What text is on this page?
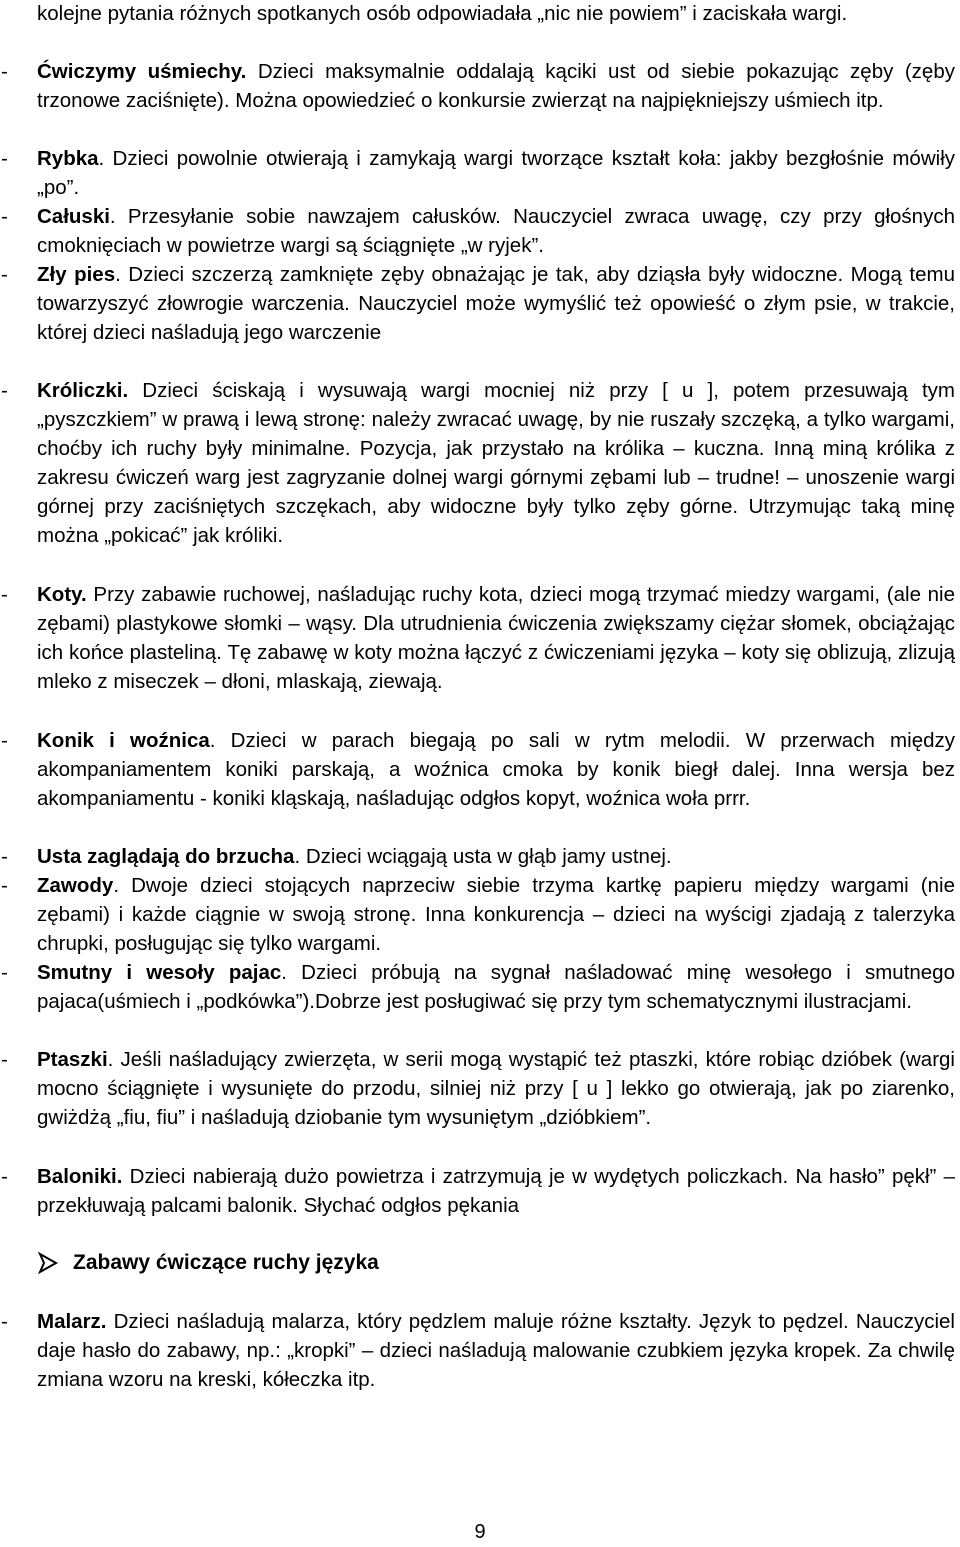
kolejne pytania różnych spotkanych osób odpowiadała „nic nie powiem” i zaciskała wargi.
- Ćwiczymy uśmiechy. Dzieci maksymalnie oddalają kąciki ust od siebie pokazując zęby (zęby trzonowe zaciśnięte). Można opowiedzieć o konkursie zwierząt na najpiękniejszy uśmiech itp.
- Rybka. Dzieci powolnie otwierają i zamykają wargi tworzące kształt koła: jakby bezgłośnie mówiły „po”.
- Całuski. Przesyłanie sobie nawzajem całusków. Nauczyciel zwraca uwagę, czy przy głośnych cmoknięciach w powietrze wargi są ściągnięte „w ryjek”.
- Zły pies. Dzieci szczerzą zamknięte zęby obnażając je tak, aby dziąsła były widoczne. Mogą temu towarzyszyć złowrogie warczenia. Nauczyciel może wymyślić też opowieść o złym psie, w trakcie, której dzieci naśladują jego warczenie
- Króliczki. Dzieci ściskają i wysuwają wargi mocniej niż przy [ u ], potem przesuwają tym „pyszczkiem” w prawą i lewą stronę: należy zwracać uwagę, by nie ruszały szczęką, a tylko wargami, choćby ich ruchy były minimalne. Pozycja, jak przystało na królika – kuczna. Inną miną królika z zakresu ćwiczeń warg jest zagryzanie dolnej wargi górnymi zębami lub – trudne! – unoszenie wargi górnej przy zaciśniętych szczękach, aby widoczne były tylko zęby górne. Utrzymując taką minę można „pokicać” jak króliki.
- Koty. Przy zabawie ruchowej, naśladując ruchy kota, dzieci mogą trzymać miedzy wargami, (ale nie zębami) plastykowe słomki – wąsy. Dla utrudnienia ćwiczenia zwiększamy ciężar słomek, obciążając ich końce plasteliną. Tę zabawę w koty można łączyć z ćwiczeniami języka – koty się oblizują, zlizują mleko z miseczek – dłoni, mlaskają, ziewają.
- Konik i woźnica. Dzieci w parach biegają po sali w rytm melodii. W przerwach między akompaniamentem koniki parskają, a woźnica cmoka by konik biegł dalej. Inna wersja bez akompaniamentu - koniki kląskają, naśladując odgłos kopyt, woźnica woła prrr.
- Usta zaglądają do brzucha. Dzieci wciągają usta w głąb jamy ustnej.
- Zawody. Dwoje dzieci stojących naprzeciw siebie trzyma kartkę papieru między wargami (nie zębami) i każde ciągnie w swoją stronę. Inna konkurencja – dzieci na wyścigi zjadają z talerzyka chrupki, posługując się tylko wargami.
- Smutny i wesoły pajac. Dzieci próbują na sygnał naśladować minę wesołego i smutnego pajaca(uśmiech i „podkówka”).Dobrze jest posługiwać się przy tym schematycznymi ilustracjami.
- Ptaszki. Jeśli naśladujący zwierzęta, w serii mogą wystąpić też ptaszki, które robiąc dzióbek (wargi mocno ściągnięte i wysunięte do przodu, silniej niż przy [ u ] lekko go otwierają, jak po ziarenko, gwiżdżą „fiu, fiu” i naśladują dziobanie tym wysuniętym „dzióbkiem”.
- Baloniki. Dzieci nabierają dużo powietrza i zatrzymują je w wydętych policzkach. Na hasło” pękł” – przekłuwają palcami balonik. Słychać odgłos pękania
Zabawy ćwiczące ruchy języka
- Malarz. Dzieci naśladują malarza, który pędzlem maluje różne kształty. Język to pędzel. Nauczyciel daje hasło do zabawy, np.: „kropki” – dzieci naśladują malowanie czubkiem języka kropek. Za chwilę zmiana wzoru na kreski, kółeczka itp.
9
